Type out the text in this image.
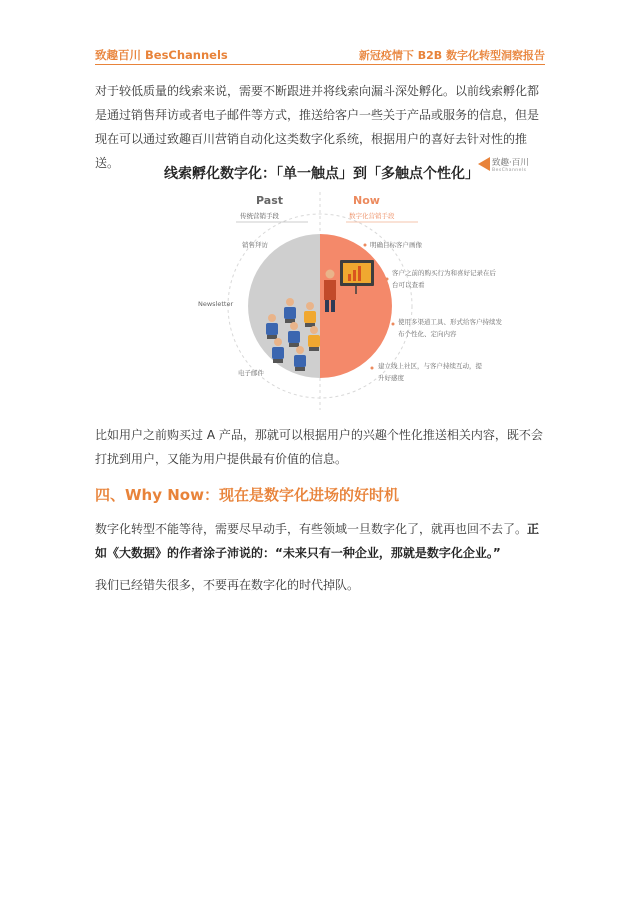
致趣百川 BesChannels	新冠疫情下 B2B 数字化转型洞察报告

对于较低质量的线索来说，需要不断跟进并将线索向漏斗深处孵化。以前线索孵化都是通过销售拜访或者电子邮件等方式，推送给客户一些关于产品或服务的信息，但是现在可以通过致趣百川营销自动化这类数字化系统，根据用户的喜好去针对性的推送。

线索孵化数字化：「单一触点」到「多触点个性化」
致趣·百川
BesChannels
Past
传统营销手段
Now
数字化营销手段
销售拜访
Newsletter
电子邮件
明确目标客户画像
客户之前的购买行为和喜好记录在后台可以查看
使用多渠道工具、形式给客户持续发布个性化、定向内容
建立线上社区，与客户持续互动，提升好感度

比如用户之前购买过 A 产品，那就可以根据用户的兴趣个性化推送相关内容，既不会打扰到用户，又能为用户提供最有价值的信息。

四、Why Now：现在是数字化进场的好时机

数字化转型不能等待，需要尽早动手，有些领域一旦数字化了，就再也回不去了。正如《大数据》的作者涂子沛说的：“未来只有一种企业，那就是数字化企业。”

我们已经错失很多，不要再在数字化的时代掉队。
